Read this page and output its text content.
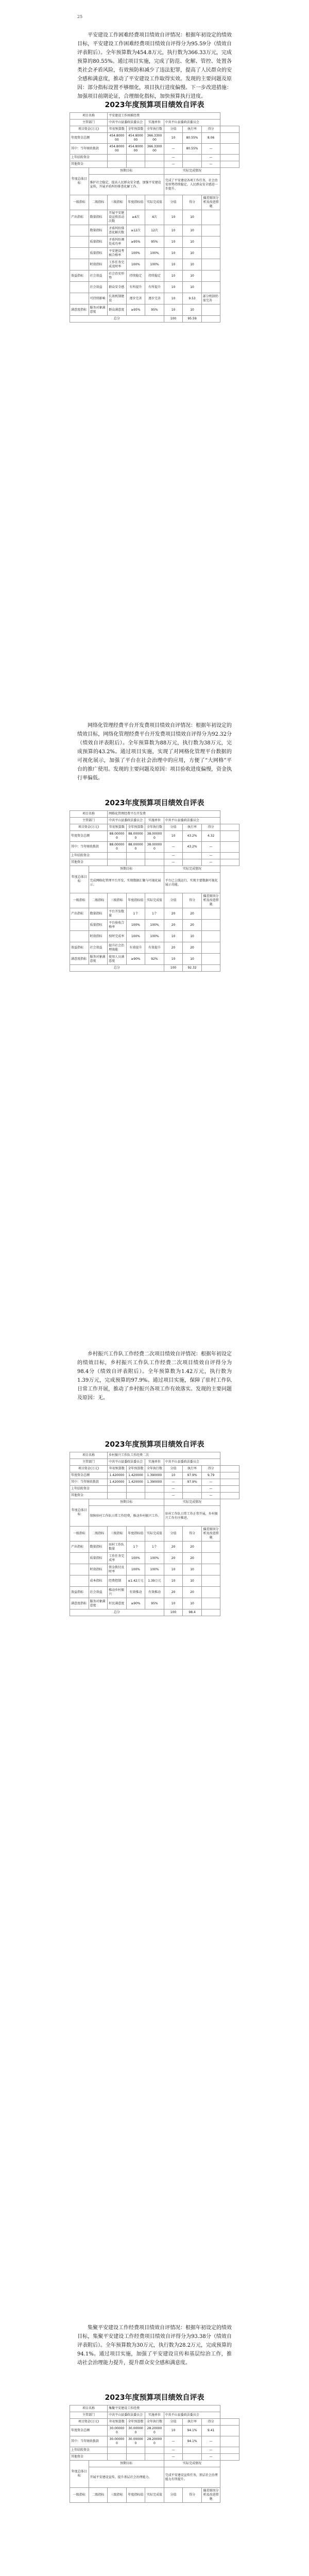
25
平安建设工作困难经费项目绩效自评情况：根据年初设定的绩效目标，平安建设工作困难经费项目绩效自评得分为95.59分（绩效自评表附后）。全年预算数为454.8万元，执行数为366.33万元，完成预算的80.55%。通过项目实施，完成了防范、化解、管控、处置各类社会矛盾风险，有效预防和减少了违法犯罪，提高了人民群众的安全感和满意度，推动了平安建设工作取得实效。发现的主要问题及原因：部分指标设置不够细化，项目执行进度偏慢。下一步改进措施：加强项目前期论证，合理细化指标，加快预算执行进度。
2023年度预算项目绩效自评表
项目名称		平安建设工作困难经费						
主管部门		中共平山县委政法委员会		实施单位	中共平山县委政法委员会			
项目资金(万元)		年初预算数	全年预算数	全年执行数	分值	执行率	得分	
年度资金总额		454.800000	454.800000	366.330000	10	80.55%	8.06	
其中：当年财政拨款		454.800000	454.800000	366.330000	—	80.55%	—	
上年结转资金					—		—	
其他资金					—		—	
年度总体目标	预期目标				实际完成情况			
	维护社会稳定，提高人民群众安全感，加强平安建设宣传，开展矛盾纠纷排查化解工作。				完成了平安建设各项工作任务，社会治安形势持续稳定，人民群众安全感进一步提升。			
一级指标	二级指标	三级指标	年度指标值	实际完成值	分值	得分	偏差原因分析及改进措施	
产出指标	数量指标	开展平安建设宣传活动次数	≥4次	4次	10	10		
	数量指标	矛盾纠纷排查化解次数	≥12次	12次	10	10		
	质量指标	矛盾纠纷调处成功率	≥95%	95%	10	10		
	质量指标	平安建设考核合格率	100%	100%	10	10		
	时效指标	工作任务完成及时率	100%	100%	10	10		
效益指标	社会效益	社会治安形势	持续稳定	持续稳定	10	10		
	社会效益	群众安全感	有所提升	有所提升	10	10		
	可持续影响	长效机制建设	逐步完善	逐步完善	10	9.53	部分机制仍需完善	
满意度指标	服务对象满意度	群众满意度	≥95%	95%	10	10		
总分					100	95.59		
网络化管理经费平台开发费项目绩效自评情况：根据年初设定的绩效目标，网络化管理经费平台开发费项目绩效自评得分为92.32分（绩效自评表附后）。全年预算数为88万元，执行数为38万元，完成预算的43.2%。通过项目实施，实现了对网格化管理平台数据的可视化展示，加强了平台在社会治理中的应用，方便了“大网格”平台的推广使用。发现的主要问题及原因：项目验收进度偏慢，资金执行率偏低。
2023年度预算项目绩效自评表
项目名称		网格化管理经费平台开发费						
主管部门		中共平山县委政法委员会		实施单位	中共平山县委政法委员会			
项目资金(万元)		年初预算数	全年预算数	全年执行数	分值	执行率	得分	
年度资金总额		88.000000	88.000000	38.000000	10	43.2%	4.32	
其中：当年财政拨款		88.000000	88.000000	38.000000	—	43.2%	—	
上年结转资金					—		—	
其他资金					—		—	
年度总体目标	预期目标				实际完成情况			
	完成网格化管理平台开发，实现数据汇聚与可视化展示。				平台已上线运行，实现主要数据可视化展示功能。			
一级指标	二级指标	三级指标	年度指标值	实际完成值	分值	得分	偏差原因分析及改进措施	
产出指标	数量指标	平台开发数量	1个	1个	20	20		
	质量指标	平台验收合格率	100%	100%	20	20		
	时效指标	按时完成率	100%	100%	10	10		
效益指标	社会效益	提升社会治理效能	有效提升	有效提升	20	20		
满意度指标	服务对象满意度	使用人员满意度	≥90%	92%	10	10		
总分					100	92.32		
乡村振兴工作队工作经费二次项目绩效自评情况：根据年初设定的绩效目标，乡村振兴工作队工作经费二次项目绩效自评得分为98.4分（绩效自评表附后）。全年预算数为1.42万元，执行数为1.39万元，完成预算的97.9%。通过项目实施，保障了驻村工作队日常工作开展，推动了乡村振兴各项工作有效落实。发现的主要问题及原因：无。
2023年度预算项目绩效自评表
项目名称		乡村振兴工作队工作经费二次						
主管部门		中共平山县委政法委员会		实施单位	中共平山县委政法委员会			
项目资金(万元)		年初预算数	全年预算数	全年执行数	分值	执行率	得分	
年度资金总额		1.420000	1.420000	1.390000	10	97.9%	9.79	
其中：当年财政拨款		1.420000	1.420000	1.390000	—	97.9%	—	
上年结转资金					—		—	
其他资金					—		—	
年度总体目标	预期目标				实际完成情况			
	保障驻村工作队日常工作经费，推动乡村振兴工作。				驻村工作队日常工作正常开展，乡村振兴工作有序推进。			
一级指标	二级指标	三级指标	年度指标值	实际完成值	分值	得分	偏差原因分析及改进措施	
产出指标	数量指标	驻村工作队数量	1个	1个	20	20		
	质量指标	工作任务完成率	100%	100%	20	20		
	时效指标	资金拨付及时率	100%	100%	10	10		
	成本指标	经费控制	≤1.42万元	1.39万元	10	10		
效益指标	社会效益	推动乡村振兴	有效推动	有效推动	20	20		
满意度指标	服务对象满意度	村民满意度	≥90%	95%	10	10		
总分					100	98.4		
集聚平安建设工作经费项目绩效自评情况：根据年初设定的绩效目标，集聚平安建设工作经费项目绩效自评得分为93.38分（绩效自评表附后）。全年预算数为30万元，执行数为28.2万元，完成预算的94.1%。通过项目实施，加强了平安建设宣传和基层综治工作，推动社会治理能力提升，提升群众安全感和满意度。
2023年度预算项目绩效自评表
项目名称		集聚平安建设工作经费						
主管部门		中共平山县委政法委员会		实施单位	中共平山县委政法委员会			
项目资金(万元)		年初预算数	全年预算数	全年执行数	分值	执行率	得分	
年度资金总额		30.000000	30.000000	28.200000	10	94.1%	9.41	
其中：当年财政拨款		30.000000	30.000000	28.200000	—	94.1%	—	
上年结转资金					—		—	
其他资金					—		—	
年度总体目标	预期目标				实际完成情况			
	开展平安建设宣传，提升基层社会治理能力。				完成平安建设宣传任务，基层社会治理能力有所提升。			
一级指标	二级指标	三级指标	年度指标值	实际完成值	分值	得分	偏差原因分析及改进措施	
